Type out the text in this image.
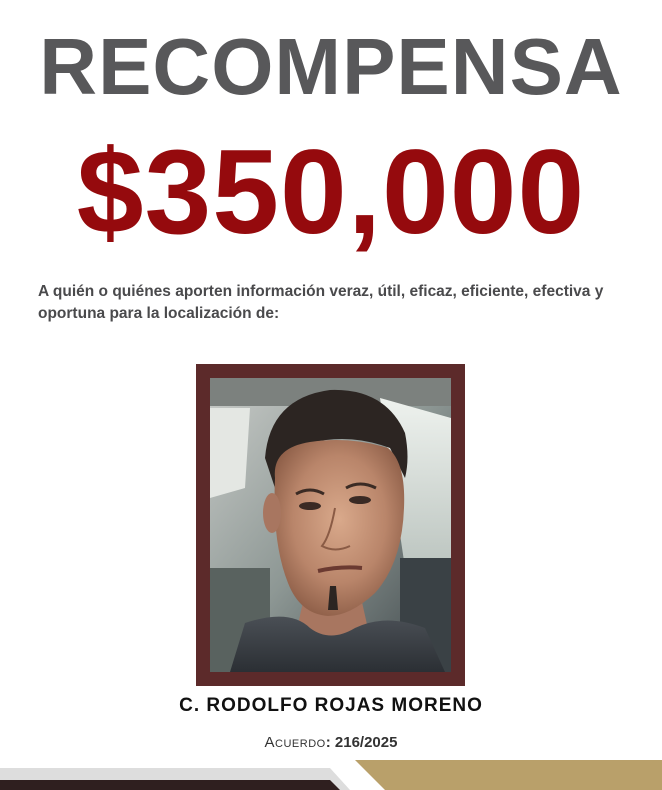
RECOMPENSA
$350,000

A quién o quiénes aporten información veraz, útil, eficaz, eficiente, efectiva y oportuna para la localización de:

C. RODOLFO ROJAS MORENO
Acuerdo: 216/2025
